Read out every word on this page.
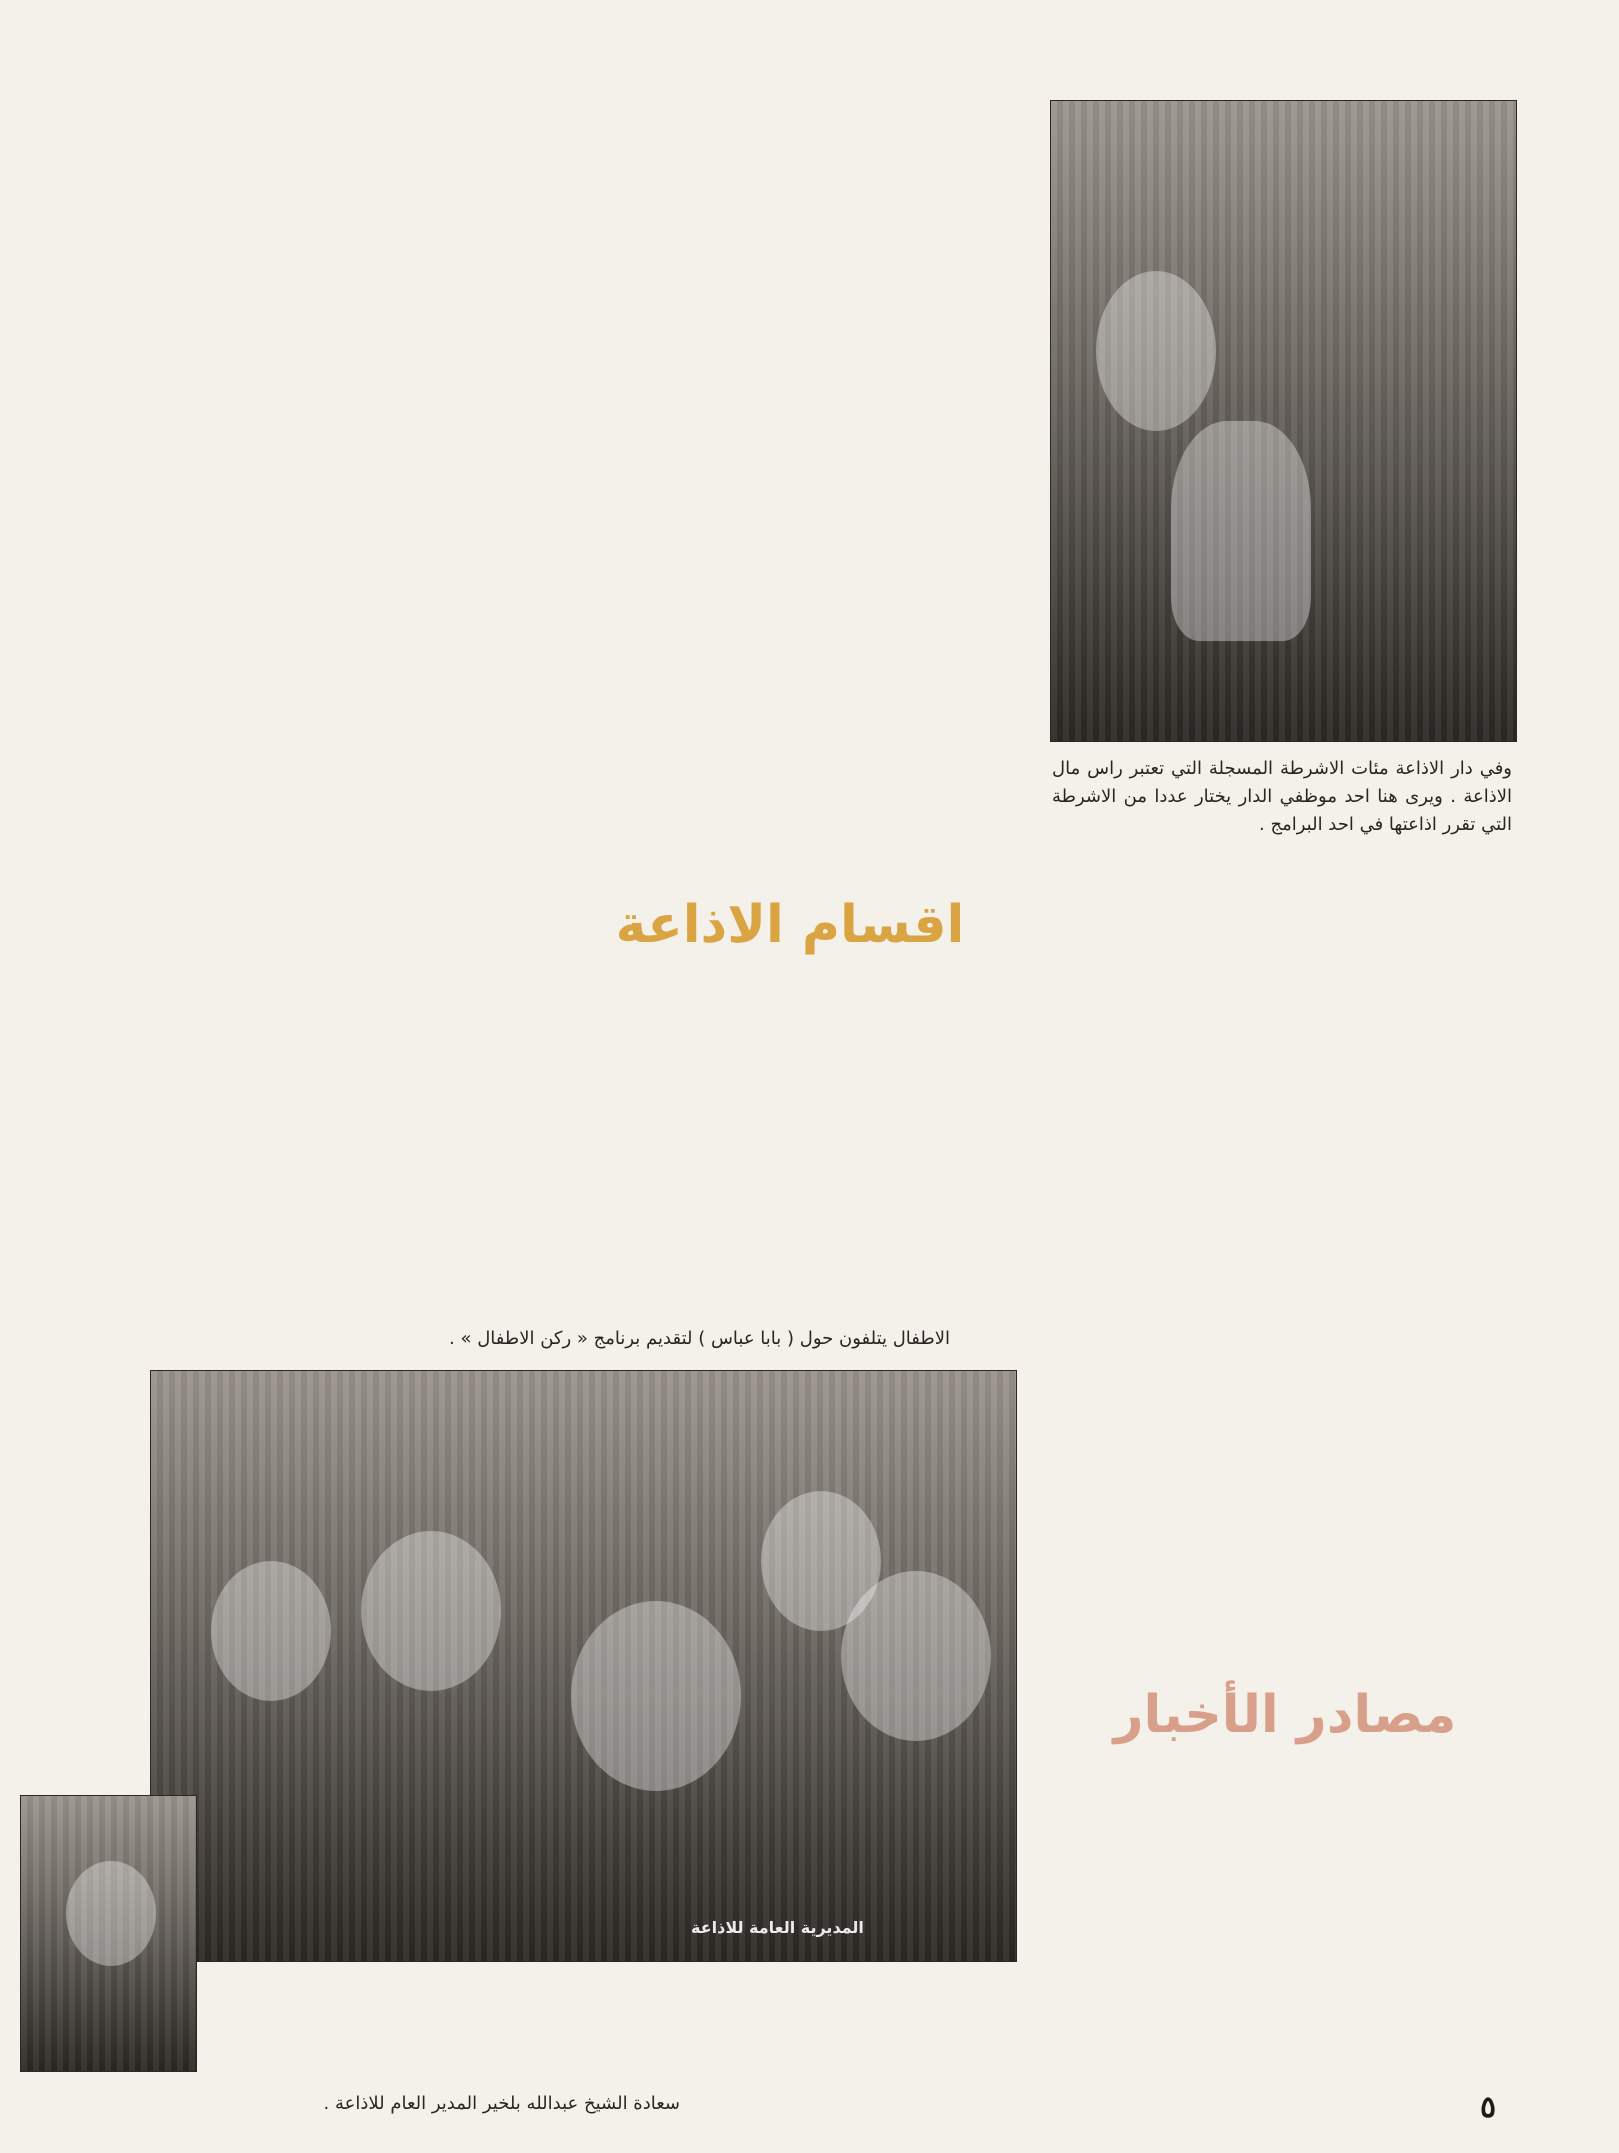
اقسام الاذاعة
وفي دار الاذاعة مئات الاشرطة المسجلة التي تعتبر راس مال الاذاعة . ويرى هنا احد موظفي الدار يختار عددا من الاشرطة التي تقرر اذاعتها في احد البرامج .

مصادر الأخبار

الاطفال يتلفون حول ( بابا عباس ) لتقديم برنامج « ركن الاطفال » .
المديرية العامة للاذاعة
سعادة الشيخ عبدالله بلخير المدير العام للاذاعة .	٥
